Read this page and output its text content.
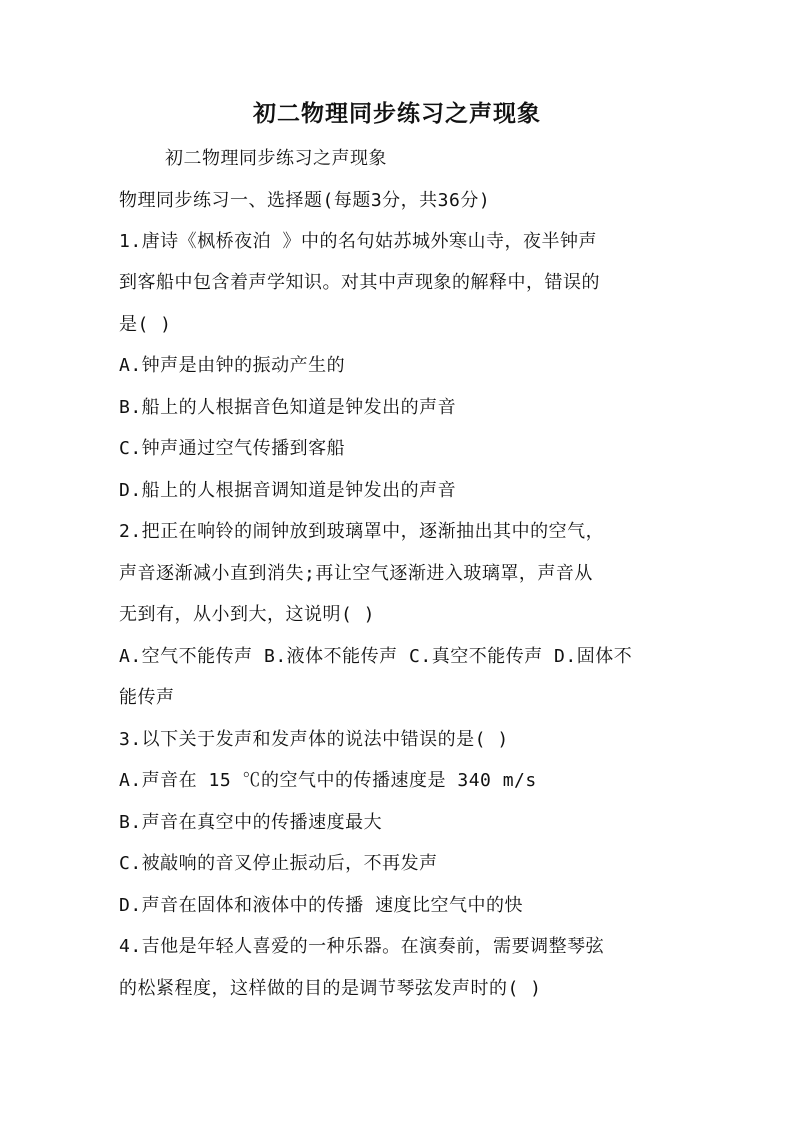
初二物理同步练习之声现象
初二物理同步练习之声现象
物理同步练习一、选择题(每题3分，共36分)
1.唐诗《枫桥夜泊 》中的名句姑苏城外寒山寺，夜半钟声
到客船中包含着声学知识。对其中声现象的解释中，错误的
是( )
A.钟声是由钟的振动产生的
B.船上的人根据音色知道是钟发出的声音
C.钟声通过空气传播到客船
D.船上的人根据音调知道是钟发出的声音
2.把正在响铃的闹钟放到玻璃罩中，逐渐抽出其中的空气，
声音逐渐减小直到消失;再让空气逐渐进入玻璃罩，声音从
无到有，从小到大，这说明( )
A.空气不能传声 B.液体不能传声 C.真空不能传声 D.固体不
能传声
3.以下关于发声和发声体的说法中错误的是( )
A.声音在 15 ℃的空气中的传播速度是 340 m/s
B.声音在真空中的传播速度最大
C.被敲响的音叉停止振动后，不再发声
D.声音在固体和液体中的传播 速度比空气中的快
4.吉他是年轻人喜爱的一种乐器。在演奏前，需要调整琴弦
的松紧程度，这样做的目的是调节琴弦发声时的( )
